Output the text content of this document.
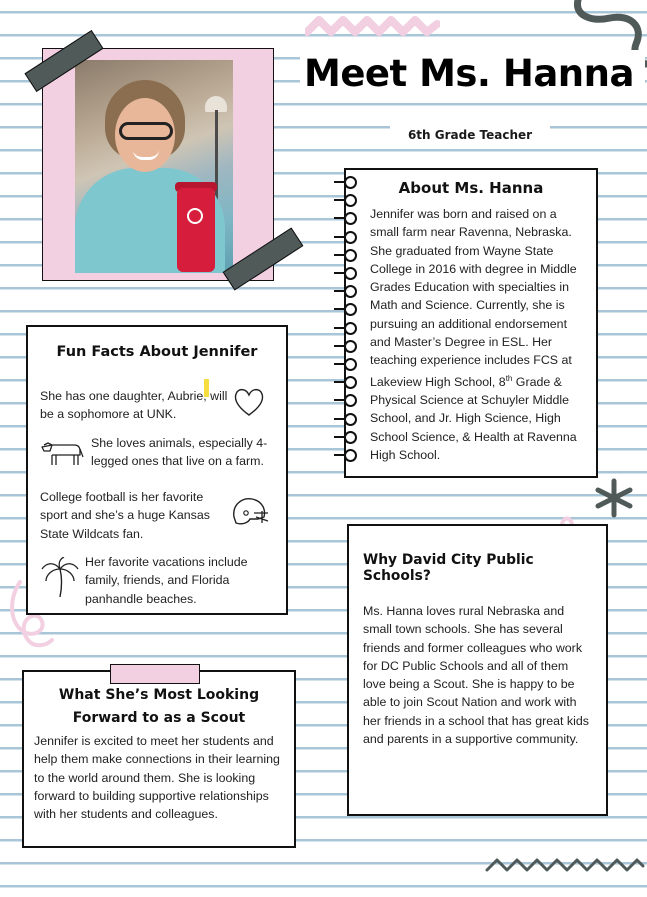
Meet Ms. Hanna
6th Grade Teacher
About Ms. Hanna

Jennifer was born and raised on a small farm near Ravenna, Nebraska. She graduated from Wayne State College in 2016 with degree in Middle Grades Education with specialties in Math and Science. Currently, she is pursuing an additional endorsement and Master’s Degree in ESL. Her teaching experience includes FCS at Lakeview High School, 8th Grade & Physical Science at Schuyler Middle School, and Jr. High Science, High School Science, & Health at Ravenna High School.

Fun Facts About Jennifer
She has one daughter, Aubrie, will be a sophomore at UNK.
She loves animals, especially 4-legged ones that live on a farm.
College football is her favorite sport and she’s a huge Kansas State Wildcats fan.
Her favorite vacations include family, friends, and Florida panhandle beaches.
Why David City Public Schools?

Ms. Hanna loves rural Nebraska and small town schools. She has several friends and former colleagues who work for DC Public Schools and all of them love being a Scout. She is happy to be able to join Scout Nation and work with her friends in a school that has great kids and parents in a supportive community.

What She’s Most Looking
Forward to as a Scout

Jennifer is excited to meet her students and help them make connections in their learning to the world around them. She is looking forward to building supportive relationships with her students and colleagues.
